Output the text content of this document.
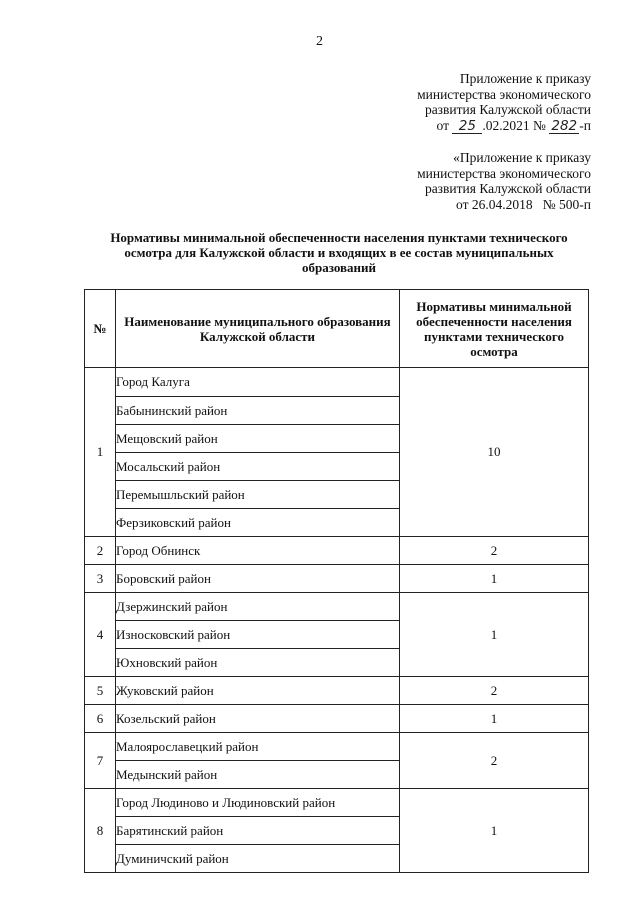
2
Приложение к приказу
министерства экономического
развития Калужской области
от 25 .02.2021 № 282 -п
«Приложение к приказу
министерства экономического
развития Калужской области
от 26.04.2018   № 500-п
Нормативы минимальной обеспеченности населения пунктами технического осмотра для Калужской области и входящих в ее состав муниципальных образований
№	Наименование муниципального образования Калужской области	Нормативы минимальной обеспеченности населения пунктами технического осмотра
1	Город Калуга	10
	Бабынинский район	
	Мещовский район	
	Мосальский район	
	Перемышльский район	
	Ферзиковский район	
2	Город Обнинск	2
3	Боровский район	1
4	Дзержинский район	1
	Износковский район	
	Юхновский район	
5	Жуковский район	2
6	Козельский район	1
7	Малоярославецкий район	2
	Медынский район	
8	Город Людиново и Людиновский район	1
	Барятинский район	
	Думиничский район	
